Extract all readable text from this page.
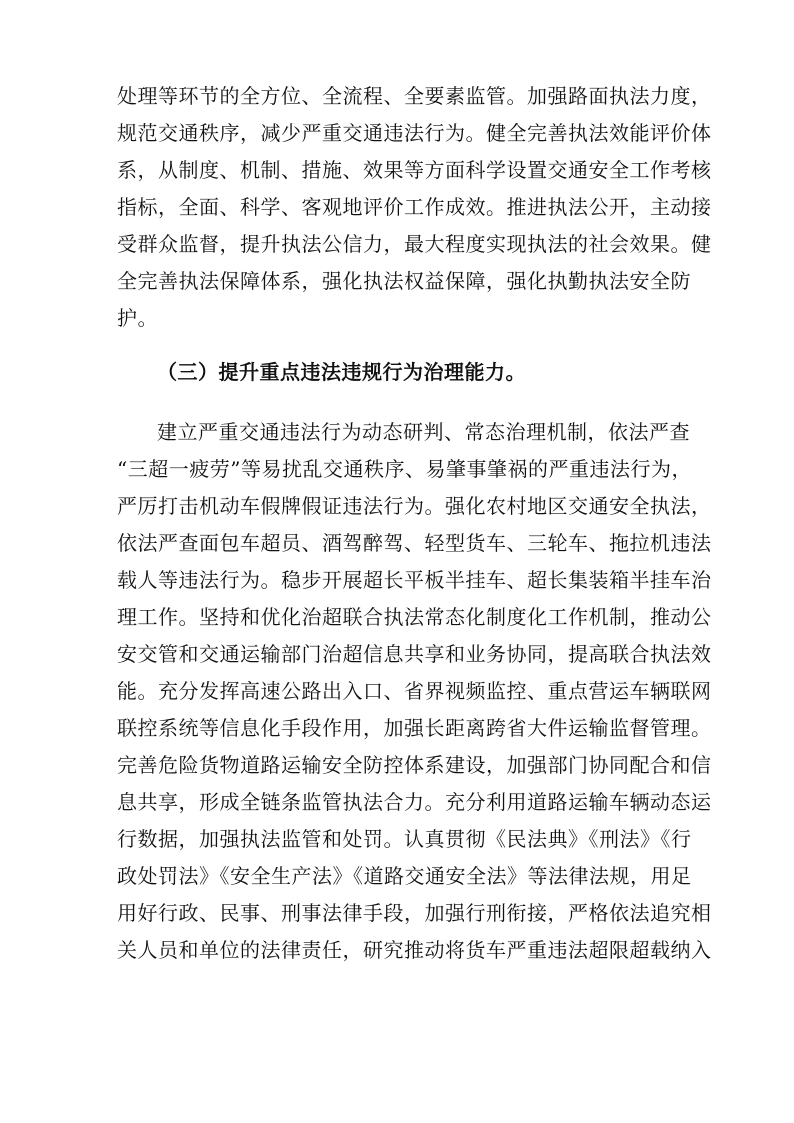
处理等环节的全方位、全流程、全要素监管。加强路面执法力度，
规范交通秩序，减少严重交通违法行为。健全完善执法效能评价体
系，从制度、机制、措施、效果等方面科学设置交通安全工作考核
指标，全面、科学、客观地评价工作成效。推进执法公开，主动接
受群众监督，提升执法公信力，最大程度实现执法的社会效果。健
全完善执法保障体系，强化执法权益保障，强化执勤执法安全防
护。
（三）提升重点违法违规行为治理能力。
建立严重交通违法行为动态研判、常态治理机制，依法严查
“三超一疲劳”等易扰乱交通秩序、易肇事肇祸的严重违法行为，
严厉打击机动车假牌假证违法行为。强化农村地区交通安全执法，
依法严查面包车超员、酒驾醉驾、轻型货车、三轮车、拖拉机违法
载人等违法行为。稳步开展超长平板半挂车、超长集装箱半挂车治
理工作。坚持和优化治超联合执法常态化制度化工作机制，推动公
安交管和交通运输部门治超信息共享和业务协同，提高联合执法效
能。充分发挥高速公路出入口、省界视频监控、重点营运车辆联网
联控系统等信息化手段作用，加强长距离跨省大件运输监督管理。
完善危险货物道路运输安全防控体系建设，加强部门协同配合和信
息共享，形成全链条监管执法合力。充分利用道路运输车辆动态运
行数据，加强执法监管和处罚。认真贯彻《民法典》《刑法》《行
政处罚法》《安全生产法》《道路交通安全法》等法律法规，用足
用好行政、民事、刑事法律手段，加强行刑衔接，严格依法追究相
关人员和单位的法律责任，研究推动将货车严重违法超限超载纳入
